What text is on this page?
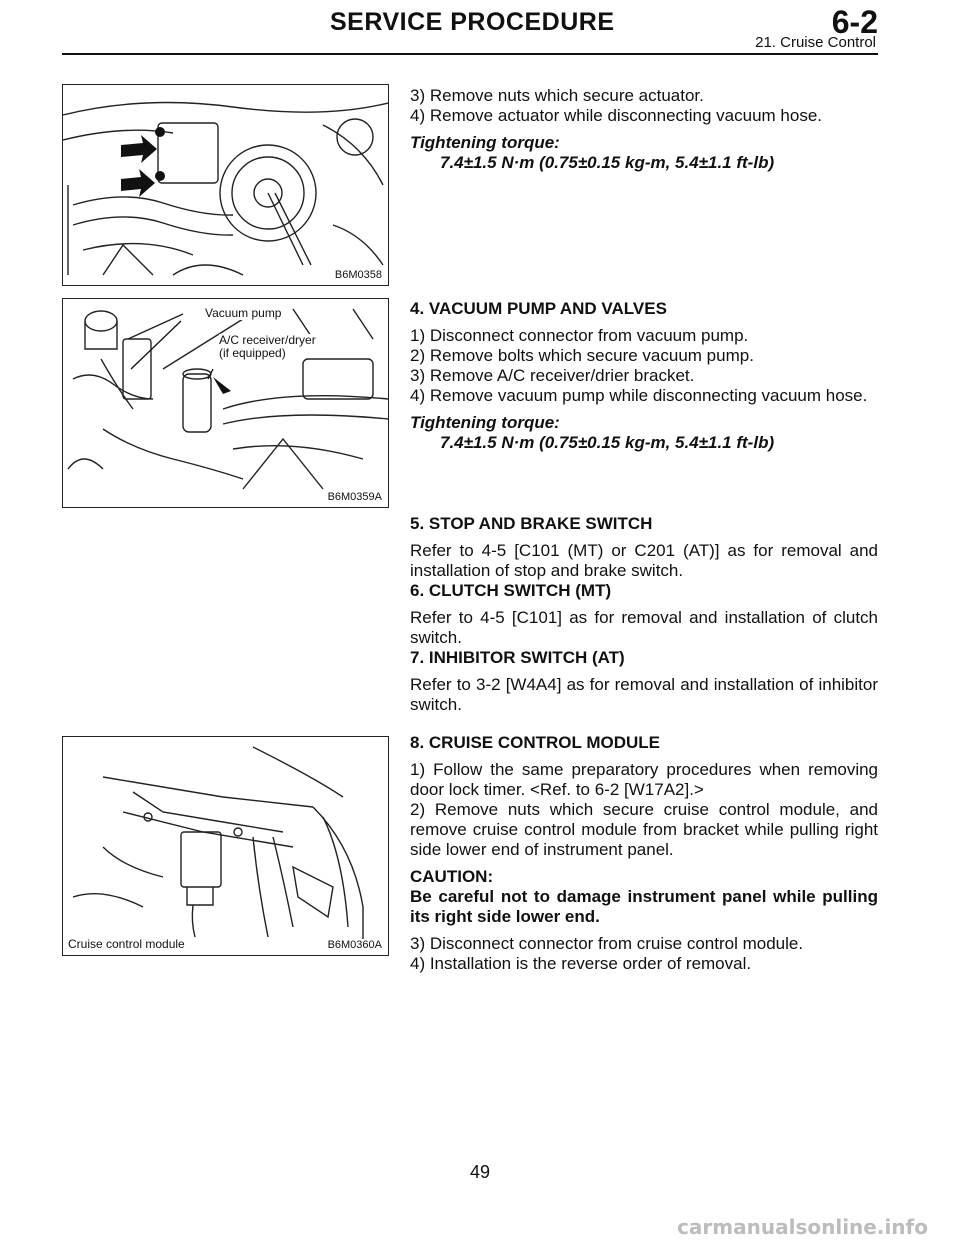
SERVICE PROCEDURE	6-2
21. Cruise Control
B6M0358
Vacuum pump
A/C receiver/dryer
(if equipped)
B6M0359A
Cruise control module	B6M0360A

3) Remove nuts which secure actuator.

4) Remove actuator while disconnecting vacuum hose.

Tightening torque:

7.4±1.5 N·m (0.75±0.15 kg-m, 5.4±1.1 ft-lb)

4. VACUUM PUMP AND VALVES

1) Disconnect connector from vacuum pump.

2) Remove bolts which secure vacuum pump.

3) Remove A/C receiver/drier bracket.

4) Remove vacuum pump while disconnecting vacuum hose.

Tightening torque:

7.4±1.5 N·m (0.75±0.15 kg-m, 5.4±1.1 ft-lb)

5. STOP AND BRAKE SWITCH

Refer to 4-5 [C101 (MT) or C201 (AT)] as for removal and installation of stop and brake switch.

6. CLUTCH SWITCH (MT)

Refer to 4-5 [C101] as for removal and installation of clutch switch.

7. INHIBITOR SWITCH (AT)

Refer to 3-2 [W4A4] as for removal and installation of inhibitor switch.

8. CRUISE CONTROL MODULE

1) Follow the same preparatory procedures when removing door lock timer. <Ref. to 6-2 [W17A2].>

2) Remove nuts which secure cruise control module, and remove cruise control module from bracket while pulling right side lower end of instrument panel.

CAUTION:

Be careful not to damage instrument panel while pulling its right side lower end.

3) Disconnect connector from cruise control module.

4) Installation is the reverse order of removal.

49
carmanualsonline.info
